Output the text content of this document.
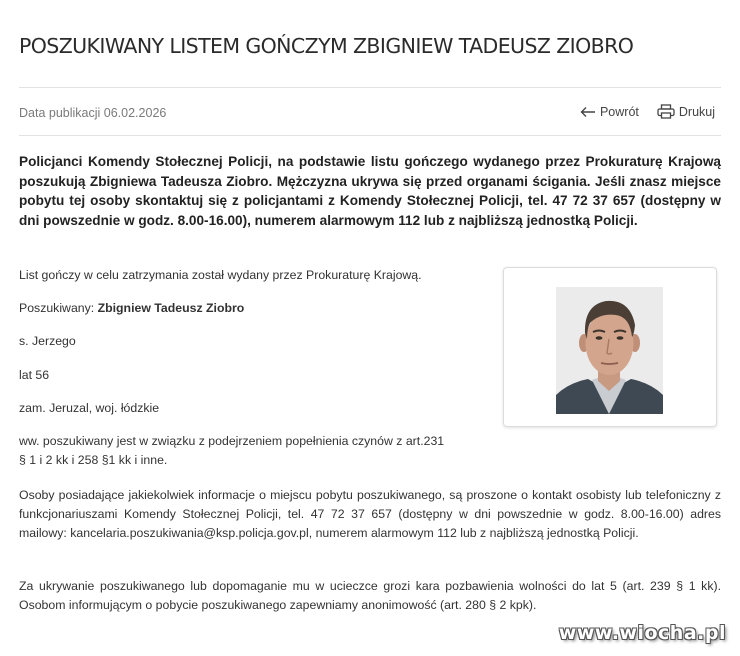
POSZUKIWANY LISTEM GOŃCZYM ZBIGNIEW TADEUSZ ZIOBRO
Data publikacji 06.02.2026	Powrót	Drukuj

Policjanci Komendy Stołecznej Policji, na podstawie listu gończego wydanego przez Prokuraturę Krajową poszukują Zbigniewa Tadeusza Ziobro. Mężczyzna ukrywa się przed organami ścigania. Jeśli znasz miejsce pobytu tej osoby skontaktuj się z policjantami z Komendy Stołecznej Policji, tel. 47 72 37 657 (dostępny w dni powszednie w godz. 8.00-16.00), numerem alarmowym 112 lub z najbliższą jednostką Policji.

List gończy w celu zatrzymania został wydany przez Prokuraturę Krajową.

Poszukiwany: Zbigniew Tadeusz Ziobro

s. Jerzego

lat 56

zam. Jeruzal, woj. łódzkie

ww. poszukiwany jest w związku z podejrzeniem popełnienia czynów z art.231 § 1 i 2 kk i 258 §1 kk i inne.

Osoby posiadające jakiekolwiek informacje o miejscu pobytu poszukiwanego, są proszone o kontakt osobisty lub telefoniczny z funkcjonariuszami Komendy Stołecznej Policji, tel. 47 72 37 657 (dostępny w dni powszednie w godz. 8.00-16.00) adres mailowy: kancelaria.poszukiwania@ksp.policja.gov.pl, numerem alarmowym 112 lub z najbliższą jednostką Policji.

Za ukrywanie poszukiwanego lub dopomaganie mu w ucieczce grozi kara pozbawienia wolności do lat 5 (art. 239 § 1 kk). Osobom informującym o pobycie poszukiwanego zapewniamy anonimowość (art. 280 § 2 kpk).

www.wiocha.pl
